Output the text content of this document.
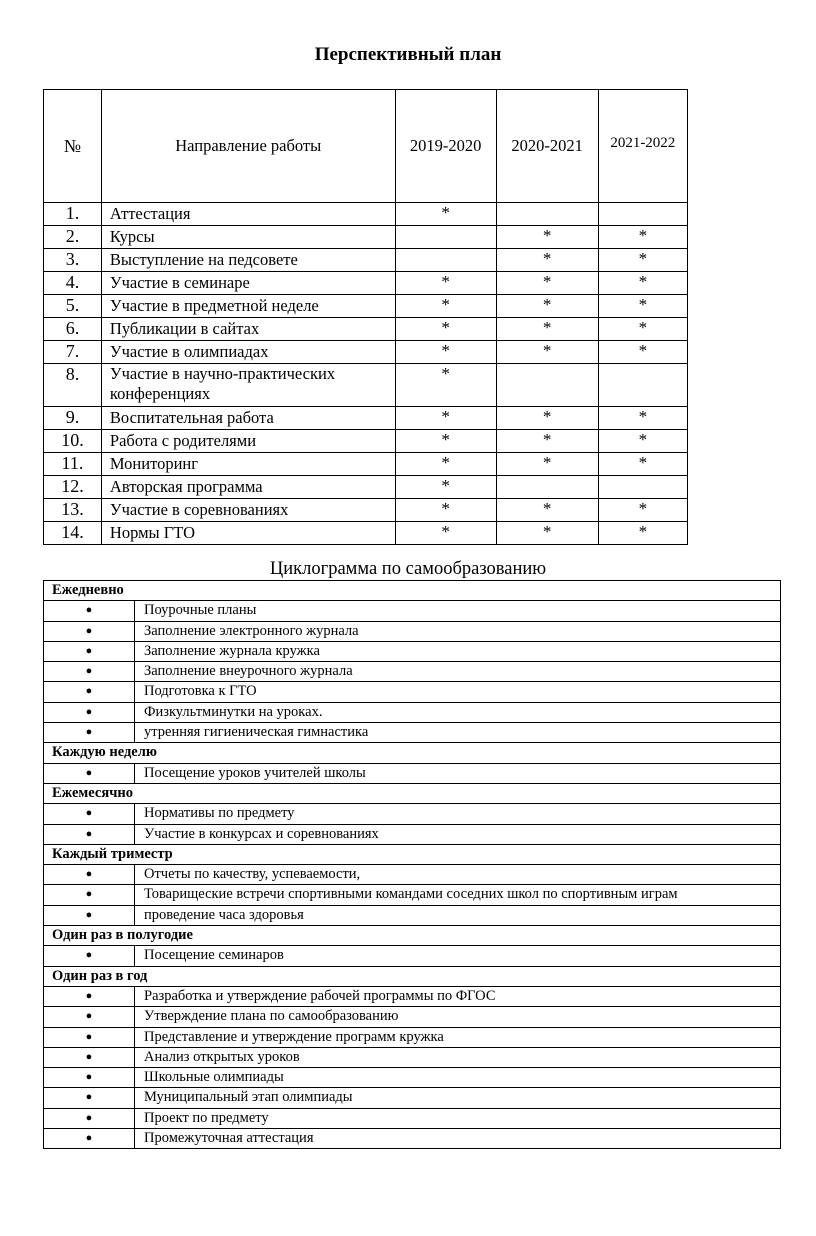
Перспективный план
№	Направление работы	2019-2020	2020-2021	2021-2022
1.	Аттестация	*		
2.	Курсы		*	*
3.	Выступление на педсовете		*	*
4.	Участие в семинаре	*	*	*
5.	Участие в предметной неделе	*	*	*
6.	Публикации в сайтах	*	*	*
7.	Участие в олимпиадах	*	*	*
8.	Участие в научно-практических конференциях	*		
9.	Воспитательная работа	*	*	*
10.	Работа с родителями	*	*	*
11.	Мониторинг	*	*	*
12.	Авторская программа	*		
13.	Участие в соревнованиях	*	*	*
14.	Нормы ГТО	*	*	*
Циклограмма по самообразованию
Ежедневно	
●	Поурочные планы
●	Заполнение электронного журнала
●	Заполнение журнала кружка
●	Заполнение внеурочного журнала
●	Подготовка к ГТО
●	Физкультминутки на уроках.
●	утренняя гигиеническая гимнастика
Каждую неделю	
●	Посещение уроков учителей школы
Ежемесячно	
●	Нормативы по предмету
●	Участие в конкурсах и соревнованиях
Каждый триместр	
●	Отчеты по качеству, успеваемости,
●	Товарищеские встречи спортивными командами соседних школ по спортивным играм
●	проведение часа здоровья
Один раз в полугодие	
●	Посещение семинаров
Один раз в год	
●	Разработка и утверждение рабочей программы по ФГОС
●	Утверждение плана по самообразованию
●	Представление и утверждение программ кружка
●	Анализ открытых уроков
●	Школьные олимпиады
●	Муниципальный этап олимпиады
●	Проект по предмету
●	Промежуточная аттестация
